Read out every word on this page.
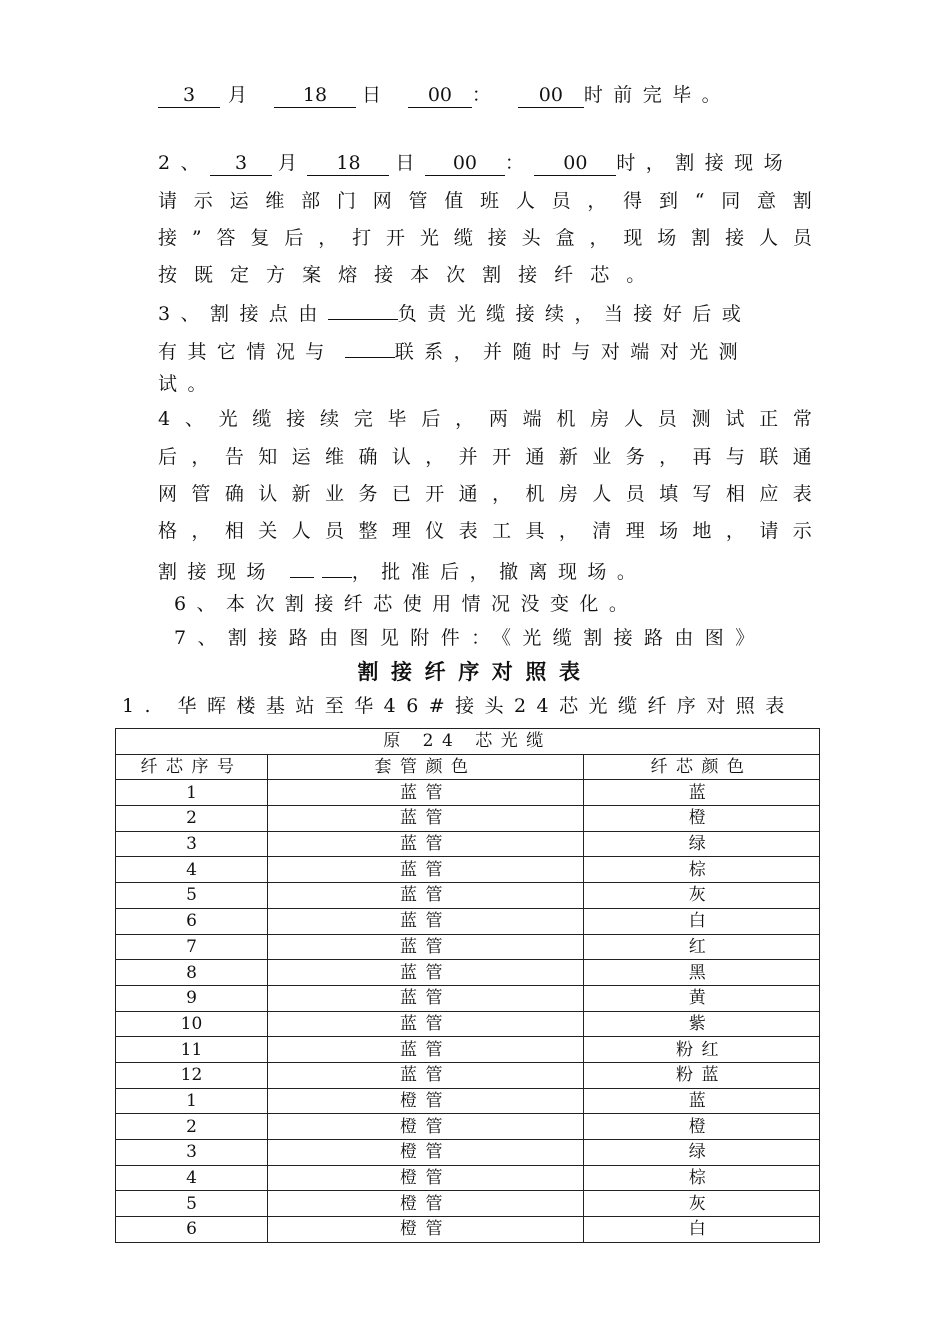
3 月 18 日 00 ： 00 时前完毕。
2、 3 月 18 日 00 ： 00 时，割接现场
请 示 运 维 部 门 网 管 值 班 人 员 ， 得 到 “ 同 意 割
接 ” 答 复 后 ， 打 开 光 缆 接 头 盒 ， 现 场 割 接 人 员
按 既 定 方 案 熔 接 本 次 割 接 纤 芯 。
3、割接点由	负责光缆接续，当接好后或
有其它情况与	联系，并随时与对端对光测
试。
4 、 光 缆 接 续 完 毕 后 ， 两 端 机 房 人 员 测 试 正 常
后 ， 告 知 运 维 确 认 ， 并 开 通 新 业 务 ， 再 与 联 通
网 管 确 认 新 业 务 已 开 通 ， 机 房 人 员 填 写 相 应 表
格 ， 相 关 人 员 整 理 仪 表 工 具 ， 清 理 场 地 ， 请 示
割接现场	，批准后，撤离现场。
6、本次割接纤芯使用情况没变化。
7、割接路由图见附件：《光缆割接路由图》
割接纤序对照表
1. 华晖楼基站至华46#接头24芯光缆纤序对照表
原 24 芯光缆		
纤芯序号	套管颜色	纤芯颜色
1	蓝管	蓝
2	蓝管	橙
3	蓝管	绿
4	蓝管	棕
5	蓝管	灰
6	蓝管	白
7	蓝管	红
8	蓝管	黑
9	蓝管	黄
10	蓝管	紫
11	蓝管	粉红
12	蓝管	粉蓝
1	橙管	蓝
2	橙管	橙
3	橙管	绿
4	橙管	棕
5	橙管	灰
6	橙管	白
